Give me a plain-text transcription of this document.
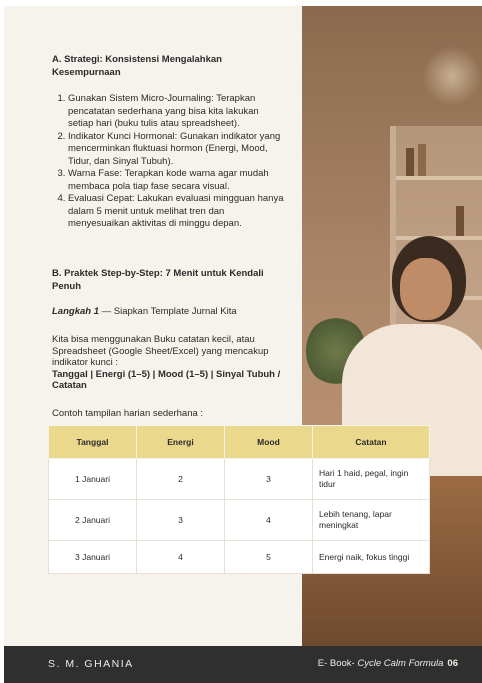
A. Strategi: Konsistensi Mengalahkan Kesempurnaan

1. Gunakan Sistem Micro-Journaling: Terapkan pencatatan sederhana yang bisa kita lakukan setiap hari (buku tulis atau spreadsheet).
2. Indikator Kunci Hormonal: Gunakan indikator yang mencerminkan fluktuasi hormon (Energi, Mood, Tidur, dan Sinyal Tubuh).
3. Warna Fase: Terapkan kode warna agar mudah membaca pola tiap fase secara visual.
4. Evaluasi Cepat: Lakukan evaluasi mingguan hanya dalam 5 menit untuk melihat tren dan menyesuaikan aktivitas di minggu depan.

B. Praktek Step-by-Step: 7 Menit untuk Kendali Penuh

Langkah 1 — Siapkan Template Jurnal Kita
Kita bisa menggunakan Buku catatan kecil, atau Spreadsheet (Google Sheet/Excel) yang mencakup indikator kunci :
Tanggal | Energi (1–5) | Mood (1–5) | Sinyal Tubuh / Catatan
Contoh tampilan harian sederhana :
Tanggal	Energi	Mood	Catatan
1 Januari	2	3	Hari 1 haid, pegal, ingin tidur
2 Januari	3	4	Lebih tenang, lapar meningkat
3 Januari	4	5	Energi naik, fokus tinggi
S. M. GHANIA	E- Book- Cycle Calm Formula 06
